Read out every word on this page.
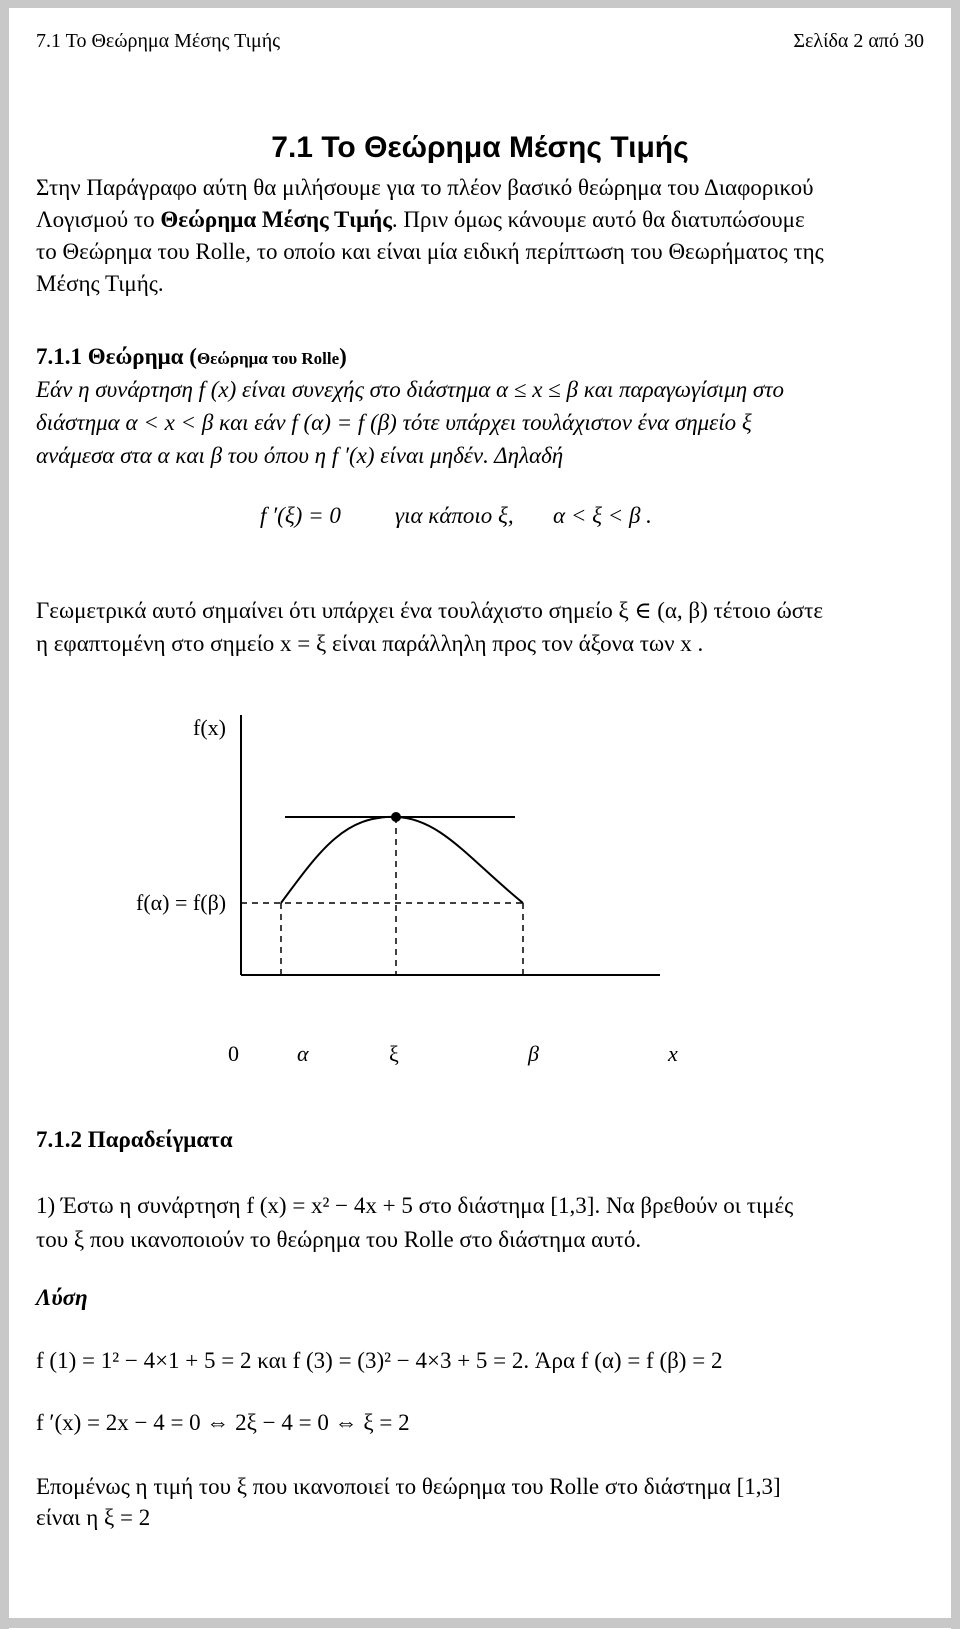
7.1 Το Θεώρημα Μέσης Τιμής	Σελίδα 2 από 30
7.1 Το Θεώρημα Μέσης Τιμής
Στην Παράγραφο αύτη θα μιλήσουμε για το πλέον βασικό θεώρημα του Διαφορικού
Λογισμού το Θεώρημα Μέσης Τιμής. Πριν όμως κάνουμε αυτό θα διατυπώσουμε
το Θεώρημα του Rolle, το οποίο και είναι μία ειδική περίπτωση του Θεωρήματος της
Μέσης Τιμής.
7.1.1 Θεώρημα (Θεώρημα του Rolle)
Εάν η συνάρτηση f (x) είναι συνεχής στο διάστημα α ≤ x ≤ β και παραγωγίσιμη στο
διάστημα α < x < β και εάν f (α) = f (β) τότε υπάρχει τουλάχιστον ένα σημείο ξ
ανάμεσα στα α και β του όπου η f ′(x) είναι μηδέν. Δηλαδή
f ′(ξ) = 0 για κάποιο ξ, α < ξ < β .
Γεωμετρικά αυτό σημαίνει ότι υπάρχει ένα τουλάχιστο σημείο ξ ∈ (α, β) τέτοιο ώστε
η εφαπτομένη στο σημείο x = ξ είναι παράλληλη προς τον άξονα των x .
f(x)
f(α) = f(β)
0	α	ξ	β	x
7.1.2 Παραδείγματα
1) Έστω η συνάρτηση f (x) = x² − 4x + 5 στο διάστημα [1,3]. Να βρεθούν οι τιμές
του ξ που ικανοποιούν το θεώρημα του Rolle στο διάστημα αυτό.
Λύση
f (1) = 1² − 4×1 + 5 = 2 και f (3) = (3)² − 4×3 + 5 = 2. Άρα f (α) = f (β) = 2
f ′(x) = 2x − 4 = 0 ⇔ 2ξ − 4 = 0 ⇔ ξ = 2
Επομένως η τιμή του ξ που ικανοποιεί το θεώρημα του Rolle στο διάστημα [1,3]
είναι η ξ = 2
